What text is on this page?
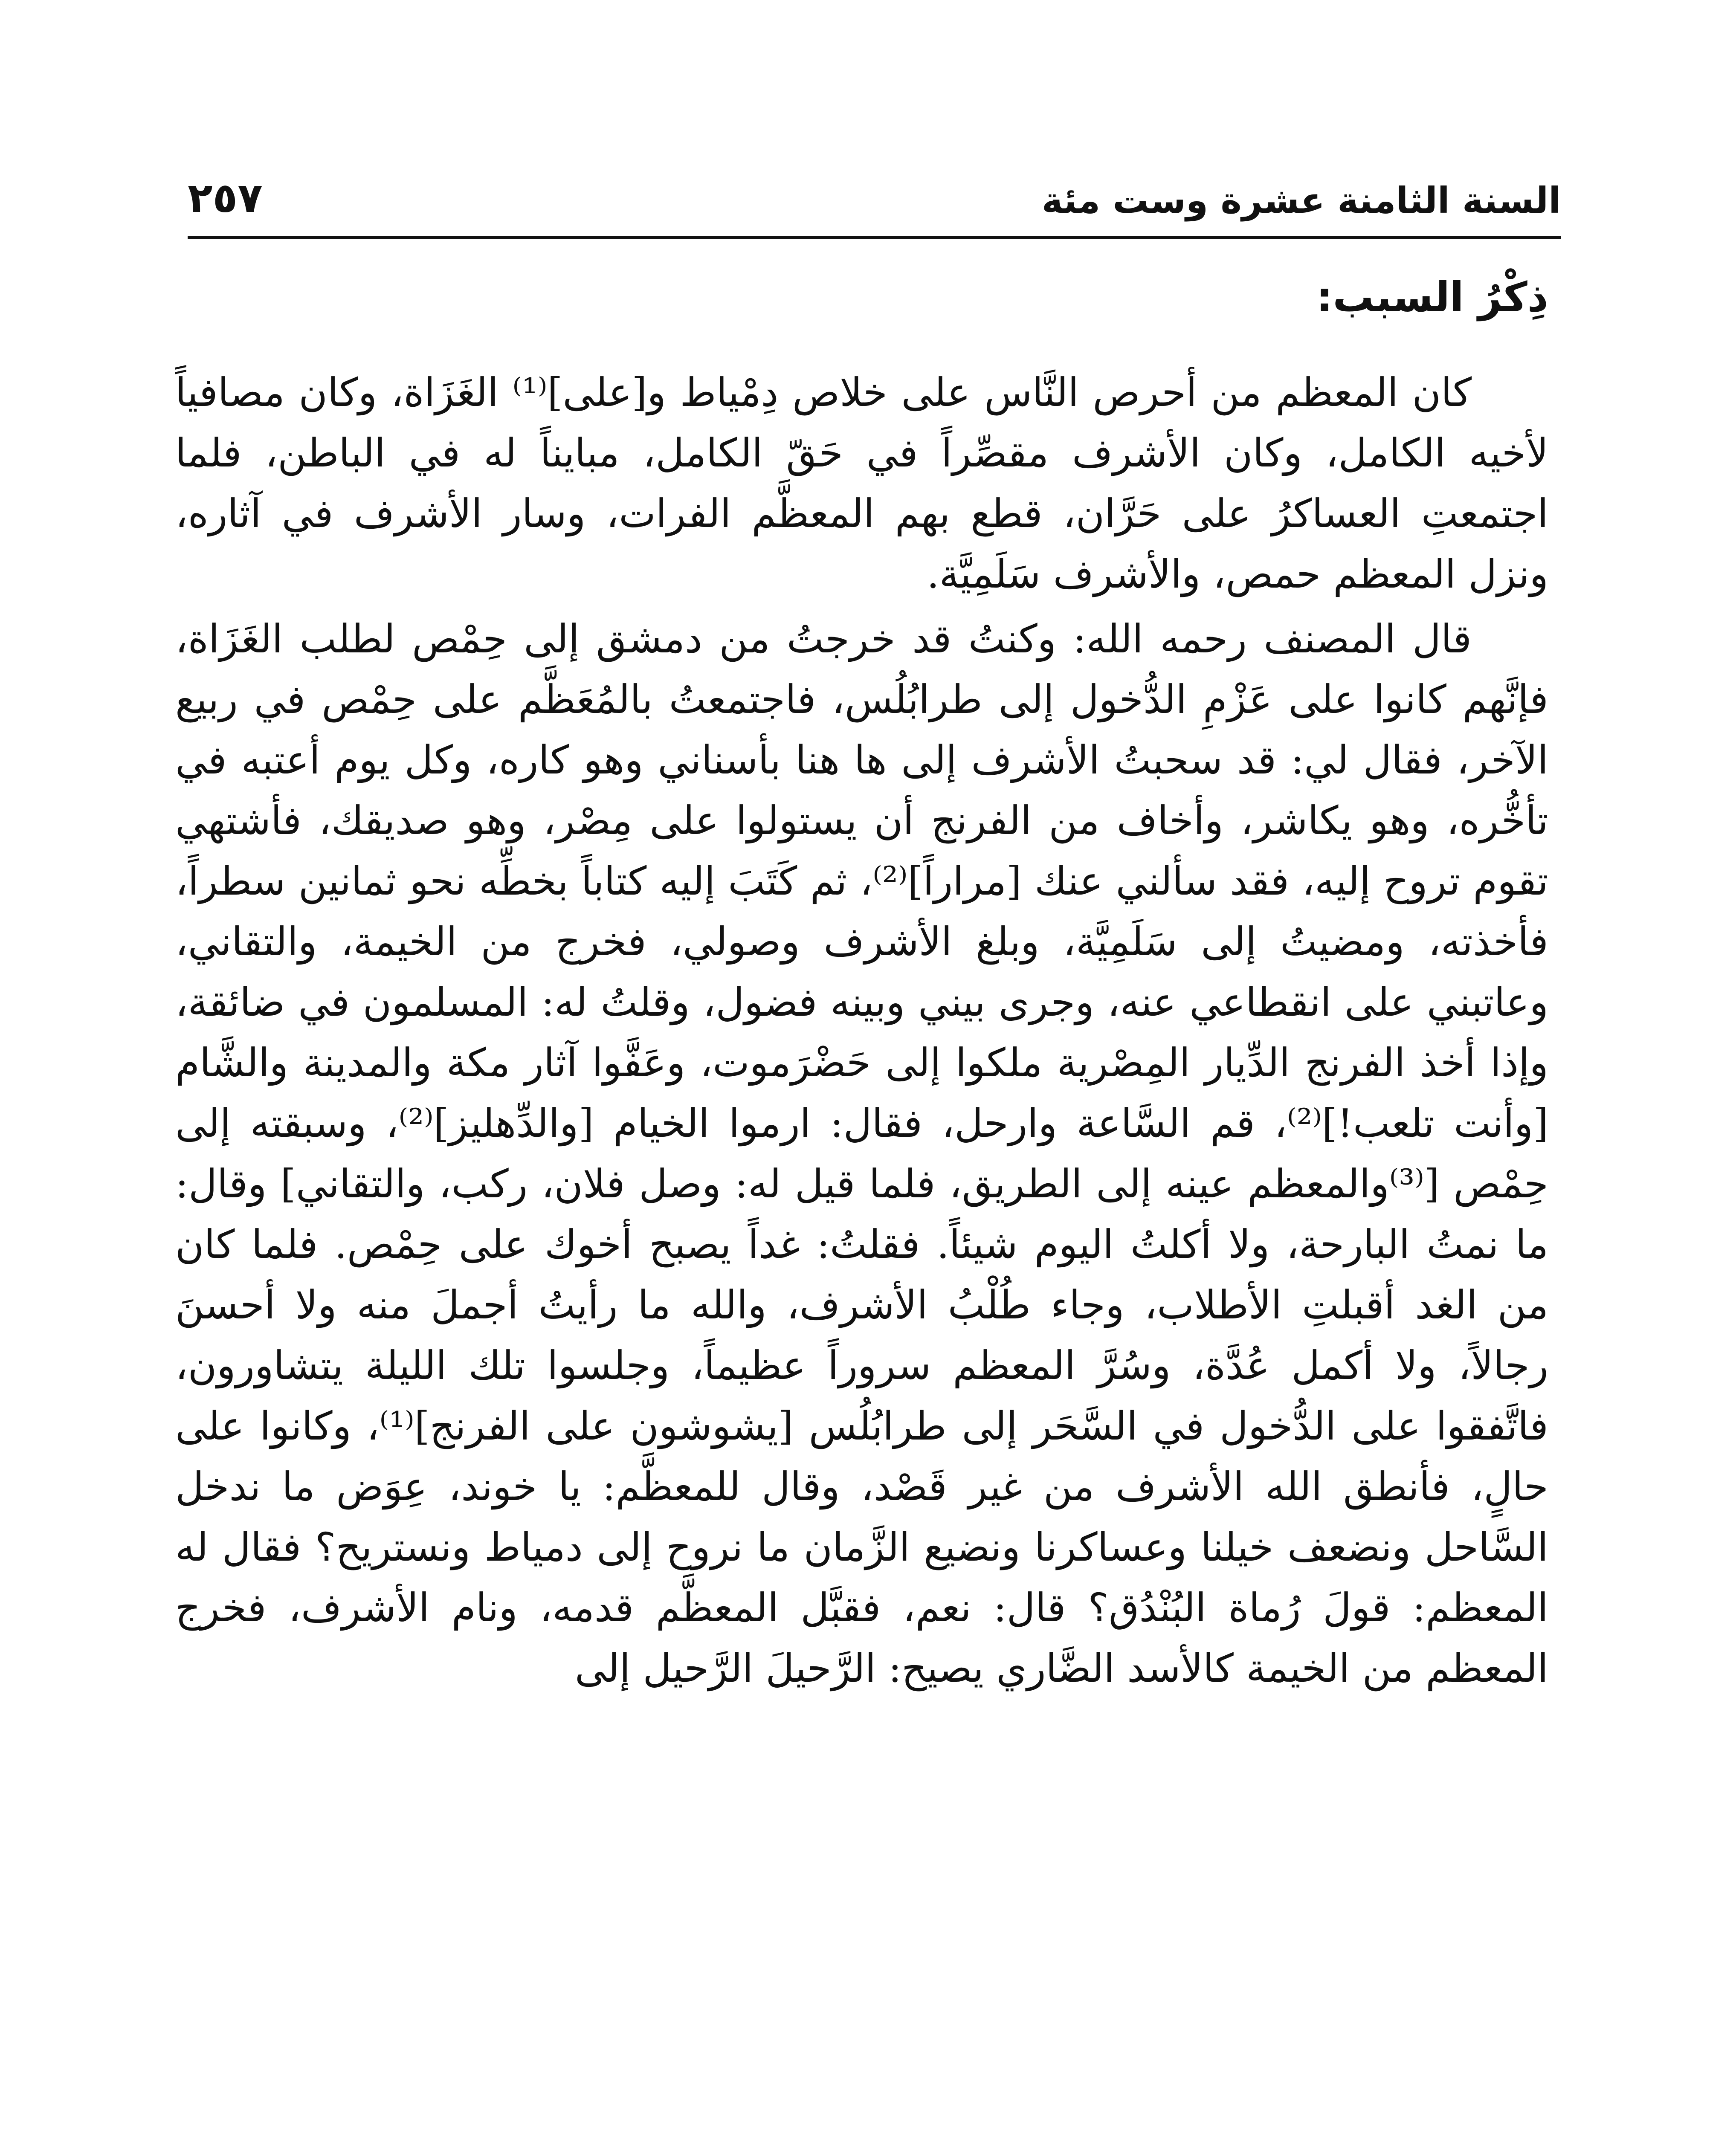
السنة الثامنة عشرة وست مئة
٢٥٧
ذِكْرُ السبب:

كان المعظم من أحرص النَّاس على خلاص دِمْياط و[على]⁽¹⁾ الغَزَاة، وكان مصافياً لأخيه الكامل، وكان الأشرف مقصِّراً في حَقّ الكامل، مبايناً له في الباطن، فلما اجتمعتِ العساكرُ على حَرَّان، قطع بهم المعظَّم الفرات، وسار الأشرف في آثاره، ونزل المعظم حمص، والأشرف سَلَمِيَّة.

قال المصنف رحمه الله: وكنتُ قد خرجتُ من دمشق إلى حِمْص لطلب الغَزَاة، فإنَّهم كانوا على عَزْمِ الدُّخول إلى طرابُلُس، فاجتمعتُ بالمُعَظَّم على حِمْص في ربيع الآخر، فقال لي: قد سحبتُ الأشرف إلى ها هنا بأسناني وهو كاره، وكل يوم أعتبه في تأخُّره، وهو يكاشر، وأخاف من الفرنج أن يستولوا على مِصْر، وهو صديقك، فأشتهي تقوم تروح إليه، فقد سألني عنك [مراراً]⁽²⁾، ثم كَتَبَ إليه كتاباً بخطِّه نحو ثمانين سطراً، فأخذته، ومضيتُ إلى سَلَمِيَّة، وبلغ الأشرف وصولي، فخرج من الخيمة، والتقاني، وعاتبني على انقطاعي عنه، وجرى بيني وبينه فضول، وقلتُ له: المسلمون في ضائقة، وإذا أخذ الفرنج الدِّيار المِصْرية ملكوا إلى حَضْرَموت، وعَفَّوا آثار مكة والمدينة والشَّام [وأنت تلعب!]⁽²⁾، قم السَّاعة وارحل، فقال: ارموا الخيام [والدِّهليز]⁽²⁾، وسبقته إلى حِمْص [⁽³⁾والمعظم عينه إلى الطريق، فلما قيل له: وصل فلان، ركب، والتقاني] وقال: ما نمتُ البارحة، ولا أكلتُ اليوم شيئاً. فقلتُ: غداً يصبح أخوك على حِمْص. فلما كان من الغد أقبلتِ الأطلاب، وجاء طُلْبُ الأشرف، والله ما رأيتُ أجملَ منه ولا أحسنَ رجالاً، ولا أكمل عُدَّة، وسُرَّ المعظم سروراً عظيماً، وجلسوا تلك الليلة يتشاورون، فاتَّفقوا على الدُّخول في السَّحَر إلى طرابُلُس [يشوشون على الفرنج]⁽¹⁾، وكانوا على حالٍ، فأنطق الله الأشرف من غير قَصْد، وقال للمعظَّم: يا خوند، عِوَض ما ندخل السَّاحل ونضعف خيلنا وعساكرنا ونضيع الزَّمان ما نروح إلى دمياط ونستريح؟ فقال له المعظم: قولَ رُماة البُنْدُق؟ قال: نعم، فقبَّل المعظَّم قدمه، ونام الأشرف، فخرج المعظم من الخيمة كالأسد الضَّاري يصيح: الرَّحيلَ الرَّحيل إلى
